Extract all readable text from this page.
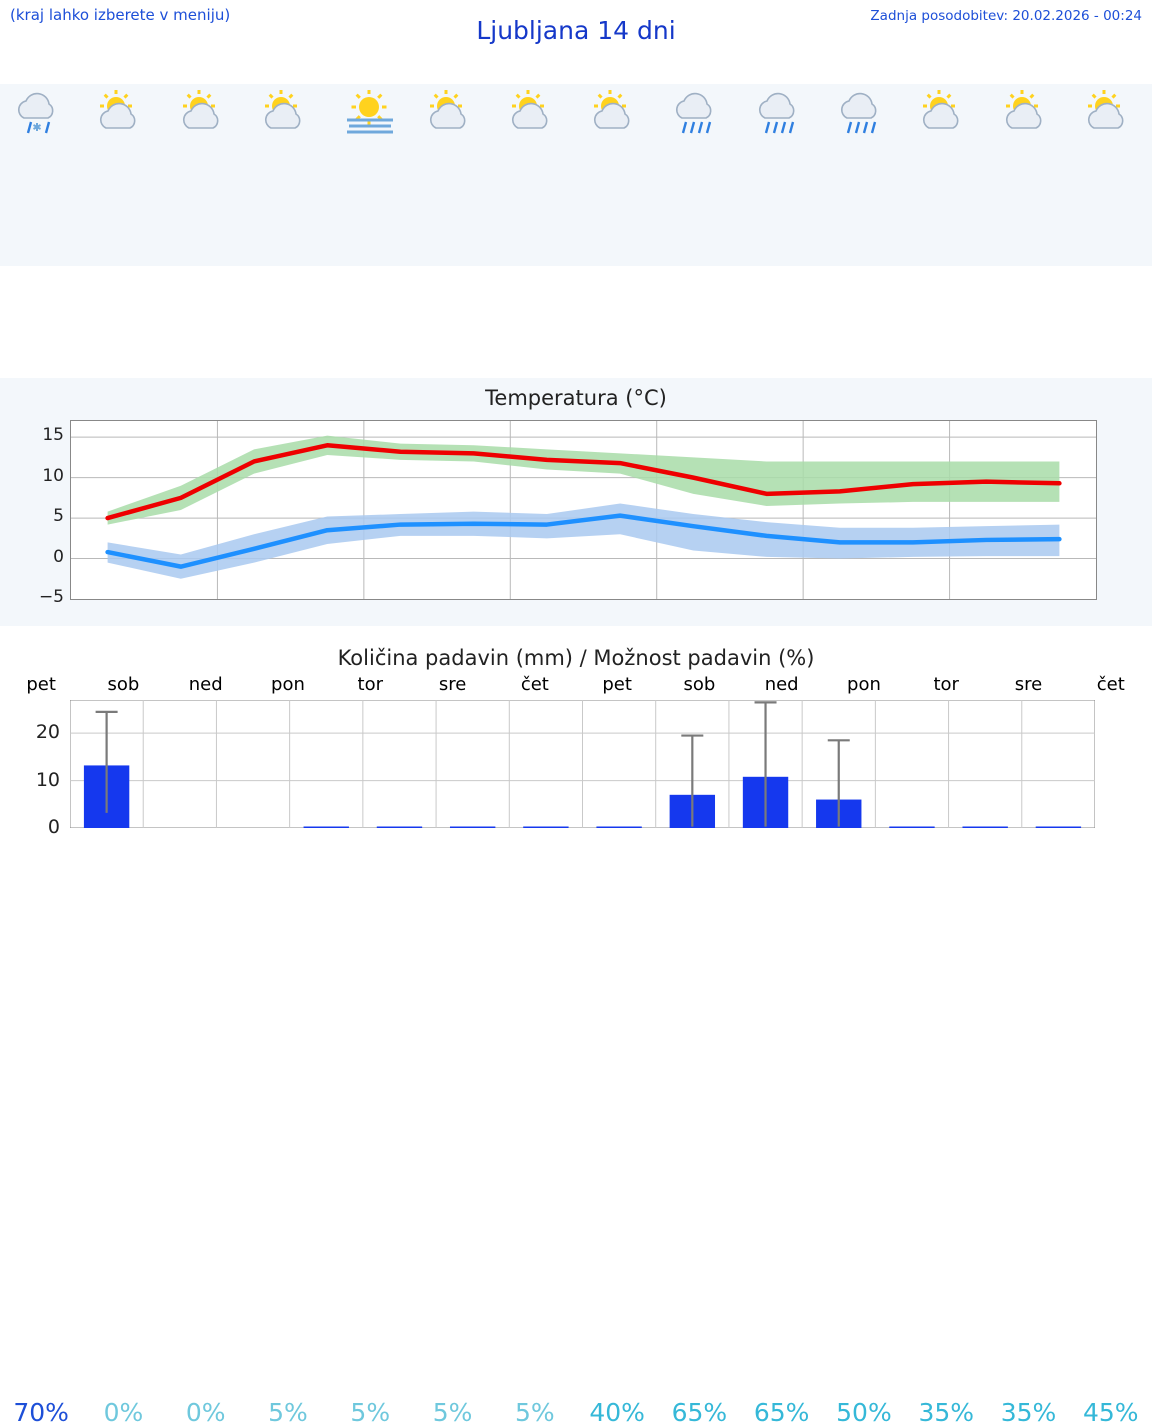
(kraj lahko izberete v meniju)
Ljubljana 14 dni	Zadnja posodobitev: 20.02.2026 - 00:24
Temperatura (°C)
−5
0
5
10
15
Količina padavin (mm) / Možnost padavin (%)
pet	sob	ned	pon	tor	sre	čet	pet	sob	ned	pon	tor	sre	čet
70%	0%	0%	5%	5%	5%	5%	40%	65%	65%	50%	35%	35%	45%
0
10
20
